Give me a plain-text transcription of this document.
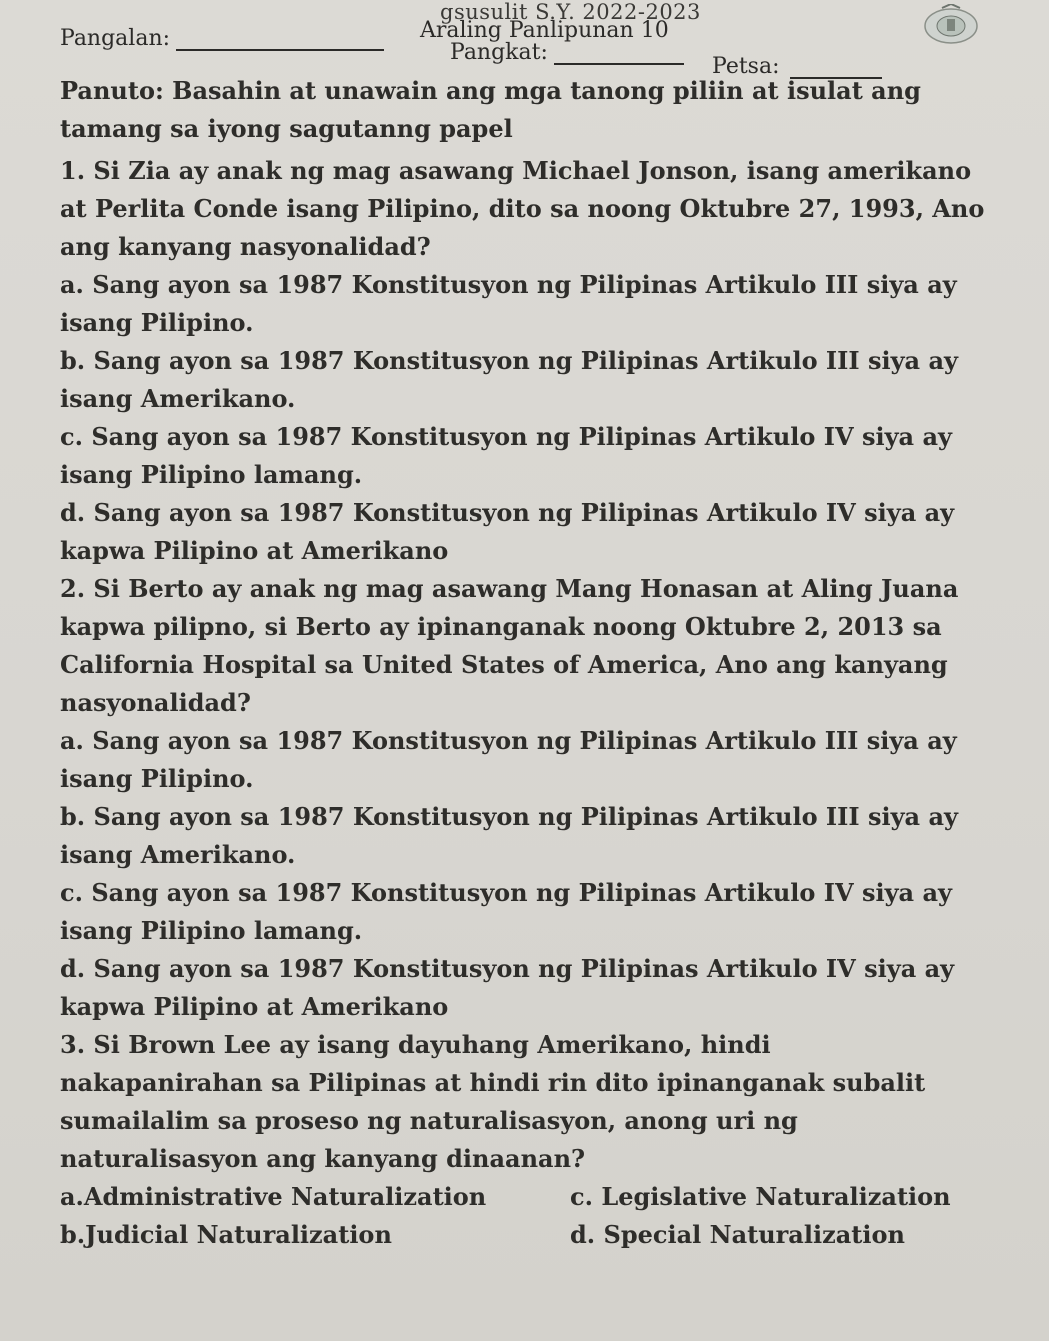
gsusulit S.Y. 2022-2023
Araling Panlipunan 10
Pangalan:
Pangkat:
Petsa:
Panuto: Basahin at unawain ang mga tanong piliin at isulat ang
tamang sa iyong sagutanng papel
1. Si Zia ay anak ng mag asawang Michael Jonson, isang amerikano
at Perlita Conde isang Pilipino, dito sa noong Oktubre 27, 1993, Ano
ang kanyang nasyonalidad?
a. Sang ayon sa 1987 Konstitusyon ng Pilipinas Artikulo III siya ay
isang Pilipino.
b. Sang ayon sa 1987 Konstitusyon ng Pilipinas Artikulo III siya ay
isang Amerikano.
c. Sang ayon sa 1987 Konstitusyon ng Pilipinas Artikulo IV siya ay
isang Pilipino lamang.
d. Sang ayon sa 1987 Konstitusyon ng Pilipinas Artikulo IV siya ay
kapwa Pilipino at Amerikano
2. Si Berto ay anak ng mag asawang Mang Honasan at Aling Juana
kapwa pilipno, si Berto ay ipinanganak noong Oktubre 2, 2013 sa
California Hospital sa United States of America, Ano ang kanyang
nasyonalidad?
a. Sang ayon sa 1987 Konstitusyon ng Pilipinas Artikulo III siya ay
isang Pilipino.
b. Sang ayon sa 1987 Konstitusyon ng Pilipinas Artikulo III siya ay
isang Amerikano.
c. Sang ayon sa 1987 Konstitusyon ng Pilipinas Artikulo IV siya ay
isang Pilipino lamang.
d. Sang ayon sa 1987 Konstitusyon ng Pilipinas Artikulo IV siya ay
kapwa Pilipino at Amerikano
3. Si Brown Lee ay isang dayuhang Amerikano, hindi
nakapanirahan sa Pilipinas at hindi rin dito ipinanganak subalit
sumailalim sa proseso ng naturalisasyon, anong uri ng
naturalisasyon ang kanyang dinaanan?
a.Administrative Naturalization	c. Legislative Naturalization
b.Judicial Naturalization	d. Special Naturalization
